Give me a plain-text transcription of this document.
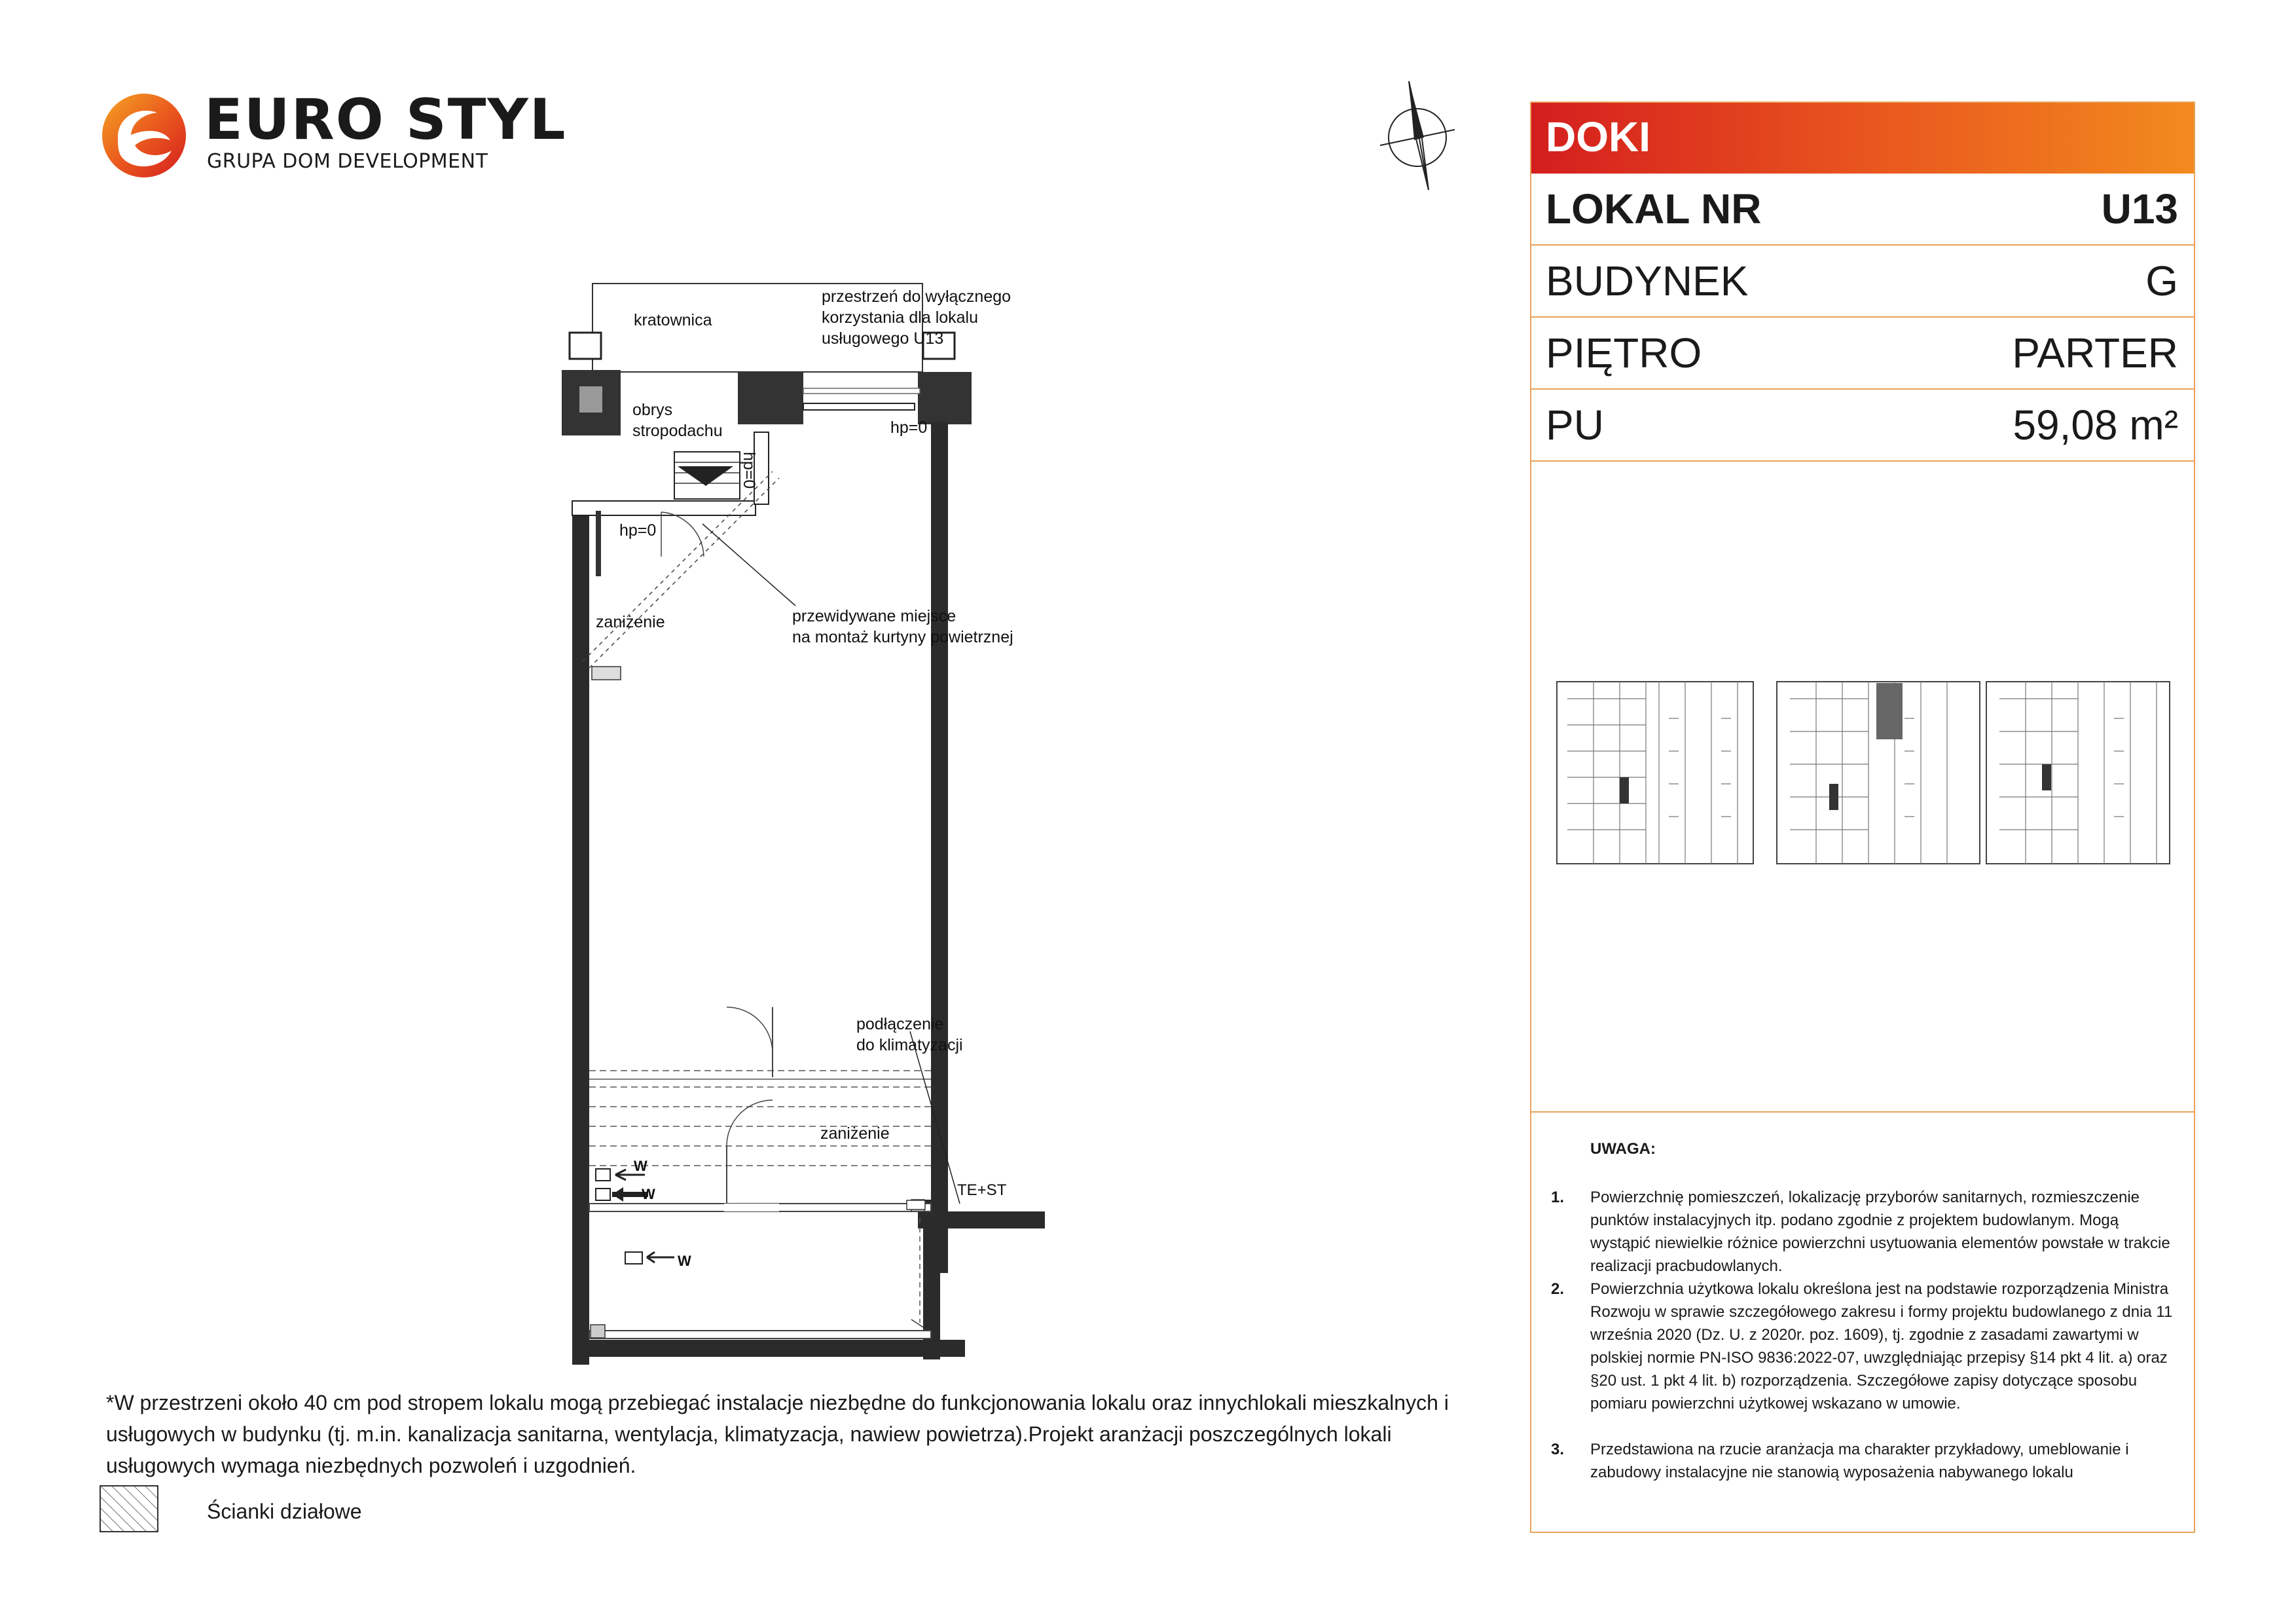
EURO STYL
GRUPA DOM DEVELOPMENT
kratownica
przestrzeń do wyłącznego
korzystania dla lokalu
usługowego U13
obrys
stropodachu	hp=0
hp=0
hp=0
zaniżenie	przewidywane miejsce
na montaż kurtyny powietrznej
podłączenie
do klimatyzacji
zaniżenie
TE+ST
W
W
W
DOKI
LOKAL NR	U13
BUDYNEK	G
PIĘTRO	PARTER
PU	59,08 m²
UWAGA:
1. Powierzchnię pomieszczeń, lokalizację przyborów sanitarnych, rozmieszczenie punktów instalacyjnych itp. podano zgodnie z projektem budowlanym. Mogą wystąpić niewielkie różnice powierzchni usytuowania elementów powstałe w trakcie realizacji pracbudowlanych.
2. Powierzchnia użytkowa lokalu określona jest na podstawie rozporządzenia Ministra Rozwoju w sprawie szczegółowego zakresu i formy projektu budowlanego z dnia 11 września 2020 (Dz. U. z 2020r. poz. 1609), tj. zgodnie z zasadami zawartymi w polskiej normie PN-ISO 9836:2022-07, uwzględniając przepisy §14 pkt 4 lit. a) oraz §20 ust. 1 pkt 4 lit. b) rozporządzenia. Szczegółowe zapisy dotyczące sposobu pomiaru powierzchni użytkowej wskazano w umowie.
3. Przedstawiona na rzucie aranżacja ma charakter przykładowy, umeblowanie i zabudowy instalacyjne nie stanowią wyposażenia nabywanego lokalu
*W przestrzeni około 40 cm pod stropem lokalu mogą przebiegać instalacje niezbędne do funkcjonowania lokalu oraz innychlokali mieszkalnych i usługowych w budynku (tj. m.in. kanalizacja sanitarna, wentylacja, klimatyzacja, nawiew powietrza).Projekt aranżacji poszczególnych lokali usługowych wymaga niezbędnych pozwoleń i uzgodnień.
Ścianki działowe
